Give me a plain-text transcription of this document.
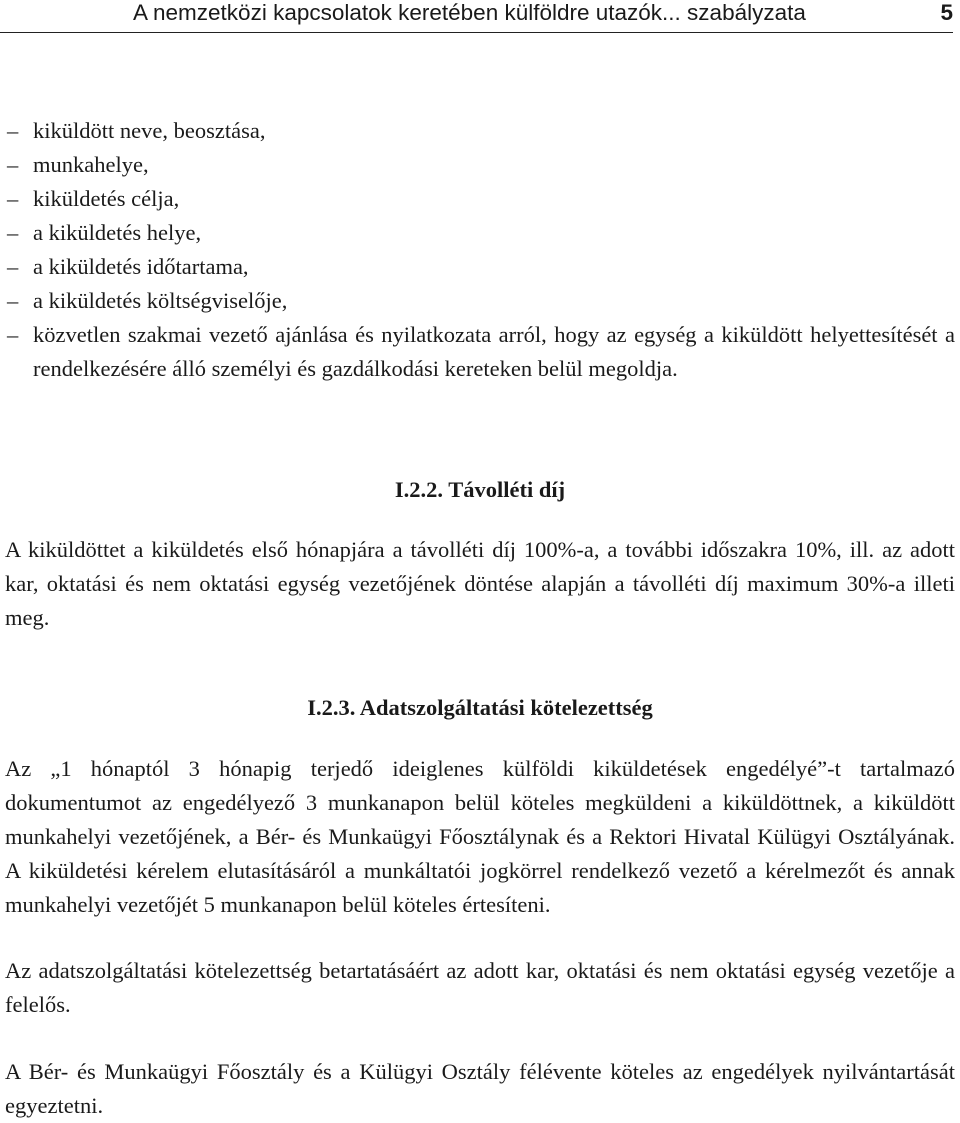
A nemzetközi kapcsolatok keretében külföldre utazók... szabályzata	5
– kiküldött neve, beosztása,
– munkahelye,
– kiküldetés célja,
– a kiküldetés helye,
– a kiküldetés időtartama,
– a kiküldetés költségviselője,
– közvetlen szakmai vezető ajánlása és nyilatkozata arról, hogy az egység a kiküldött helyettesítését a rendelkezésére álló személyi és gazdálkodási kereteken belül megoldja.
I.2.2. Távolléti díj

A kiküldöttet a kiküldetés első hónapjára a távolléti díj 100%-a, a további időszakra 10%, ill. az adott kar, oktatási és nem oktatási egység vezetőjének döntése alapján a távolléti díj maximum 30%-a illeti meg.

I.2.3. Adatszolgáltatási kötelezettség

Az „1 hónaptól 3 hónapig terjedő ideiglenes külföldi kiküldetések engedélyé”-t tartalmazó dokumentumot az engedélyező 3 munkanapon belül köteles megküldeni a kiküldöttnek, a kiküldött munkahelyi vezetőjének, a Bér- és Munkaügyi Főosztálynak és a Rektori Hivatal Külügyi Osztályának. A kiküldetési kérelem elutasításáról a munkáltatói jogkörrel rendelkező vezető a kérelmezőt és annak munkahelyi vezetőjét 5 munkanapon belül köteles értesíteni.

Az adatszolgáltatási kötelezettség betartatásáért az adott kar, oktatási és nem oktatási egység vezetője a felelős.

A Bér- és Munkaügyi Főosztály és a Külügyi Osztály félévente köteles az engedélyek nyilvántartását egyeztetni.
